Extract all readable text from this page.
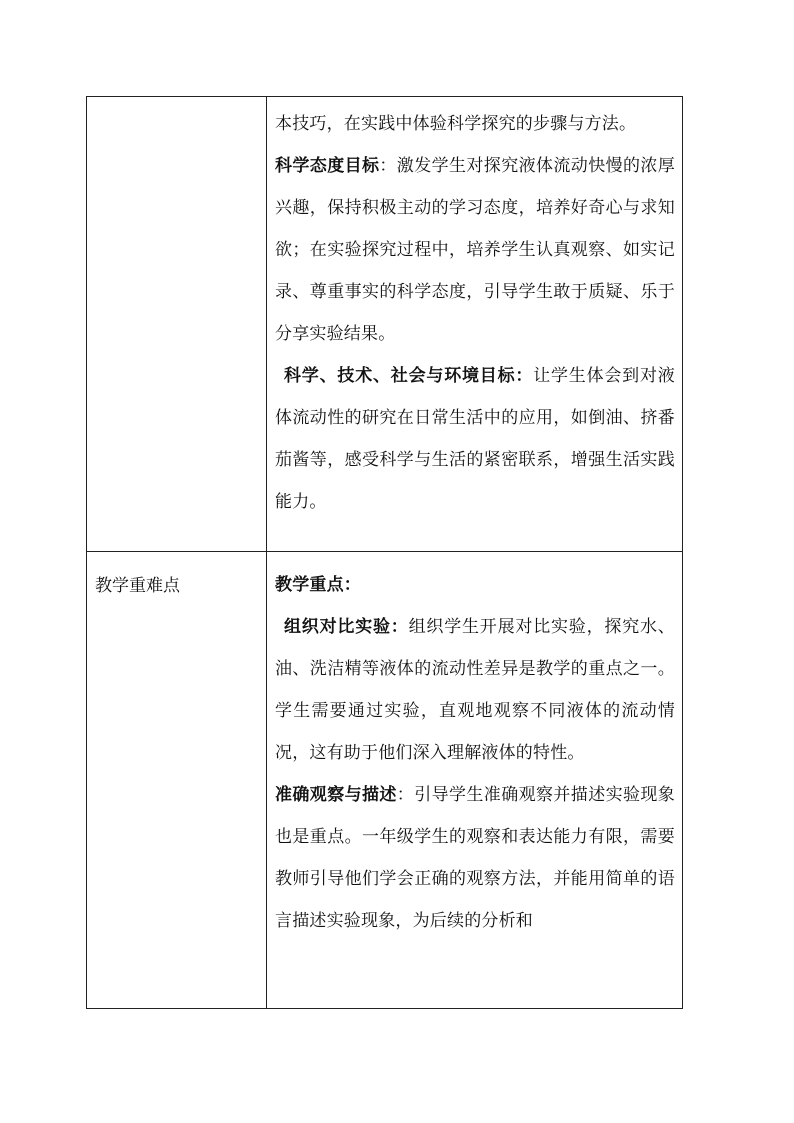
	本技巧，在实践中体验科学探究的步骤与方法。

科学态度目标：激发学生对探究液体流动快慢的浓厚兴趣，保持积极主动的学习态度，培养好奇心与求知欲；在实验探究过程中，培养学生认真观察、如实记录、尊重事实的科学态度，引导学生敢于质疑、乐于分享实验结果。

科学、技术、社会与环境目标：让学生体会到对液体流动性的研究在日常生活中的应用，如倒油、挤番茄酱等，感受科学与生活的紧密联系，增强生活实践能力。

教学重难点	教学重点：

组织对比实验：组织学生开展对比实验，探究水、油、洗洁精等液体的流动性差异是教学的重点之一。学生需要通过实验，直观地观察不同液体的流动情况，这有助于他们深入理解液体的特性。

准确观察与描述：引导学生准确观察并描述实验现象也是重点。一年级学生的观察和表达能力有限，需要教师引导他们学会正确的观察方法，并能用简单的语言描述实验现象，为后续的分析和
